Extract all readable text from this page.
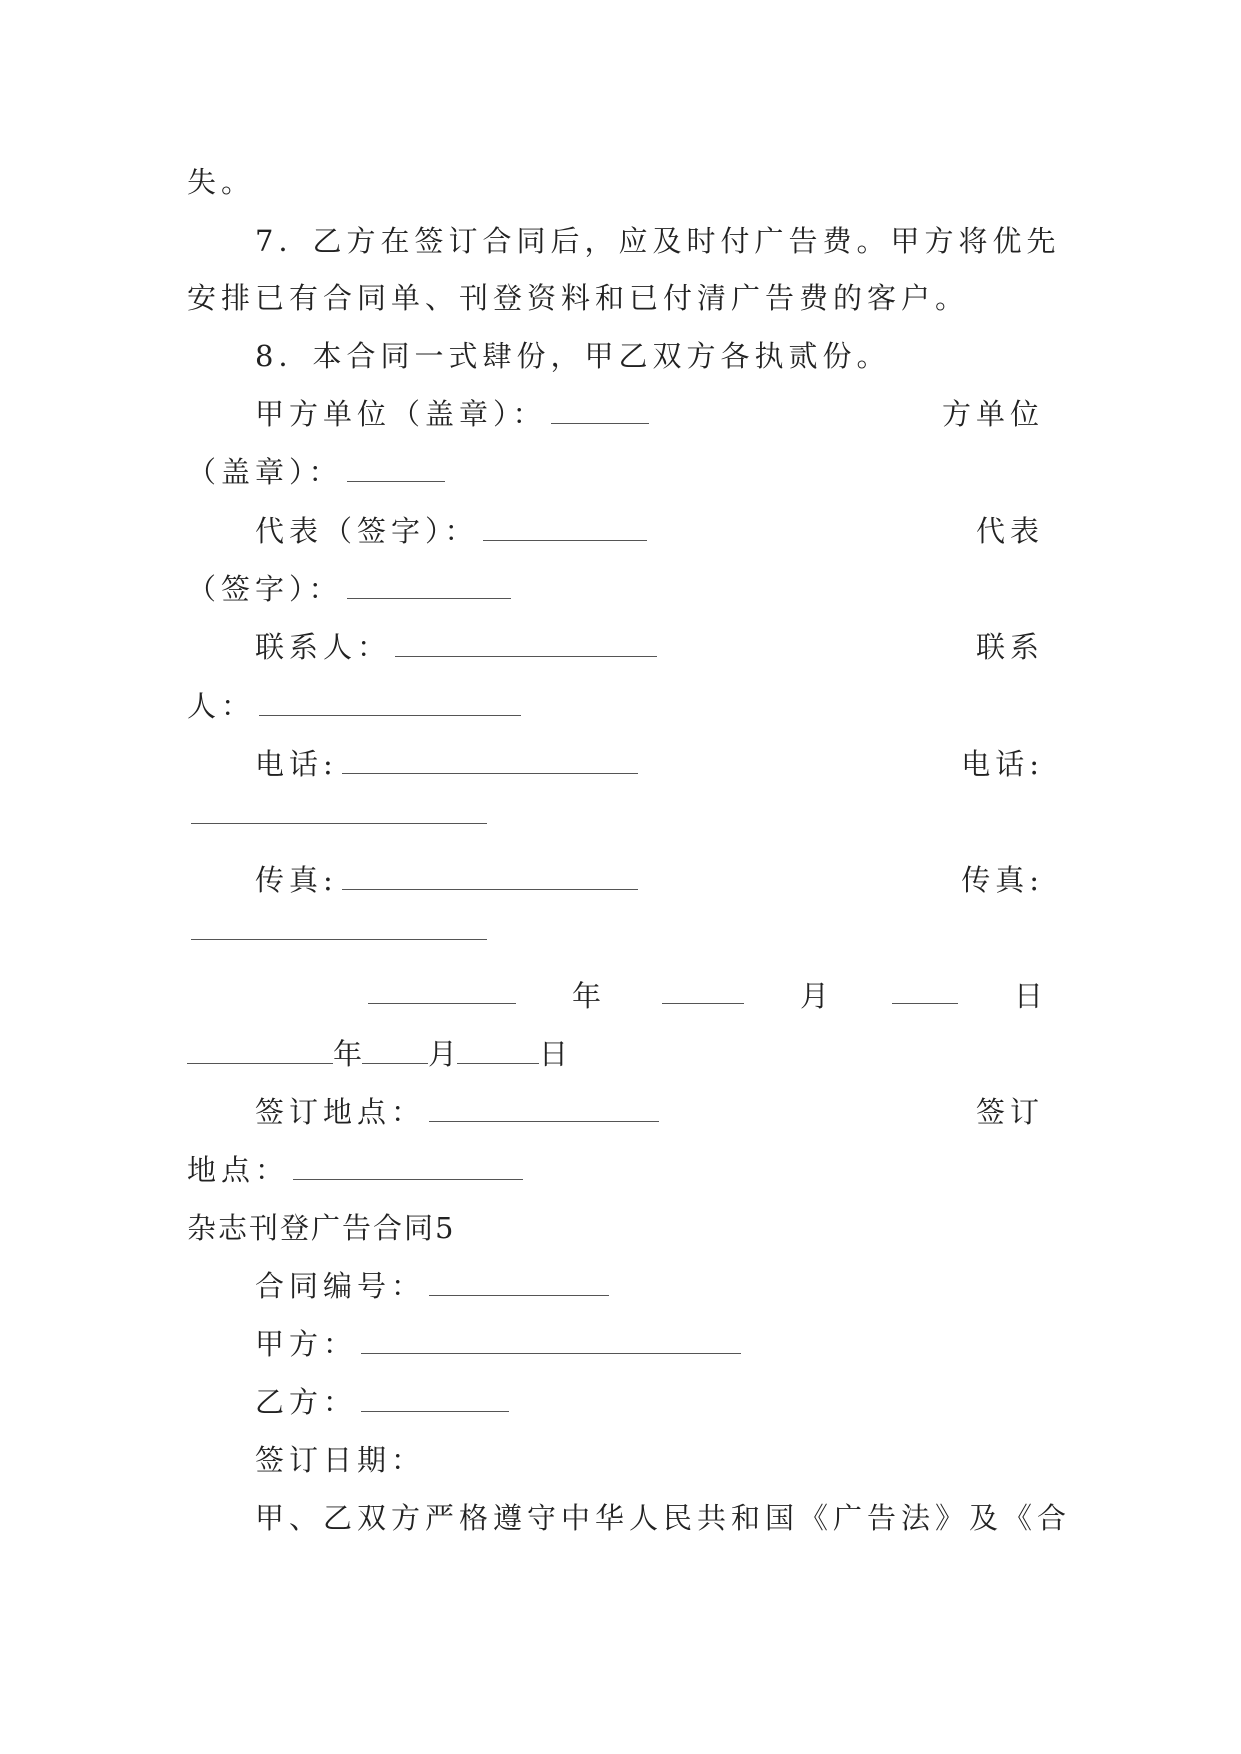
失。
7．乙方在签订合同后，应及时付广告费。甲方将优先
安排已有合同单、刊登资料和已付清广告费的客户。
8．本合同一式肆份，甲乙双方各执贰份。
甲方单位（盖章）：	方单位
（盖章）：
代表（签字）：	代表
（签字）：
联系人：	联系
人：
电话:	电话:
传真:	传真:
年	月	日
年 月	日
签订地点：	签订
地点：
杂志刊登广告合同5
合同编号：
甲方：
乙方：
签订日期：
甲、乙双方严格遵守中华人民共和国《广告法》及《合
